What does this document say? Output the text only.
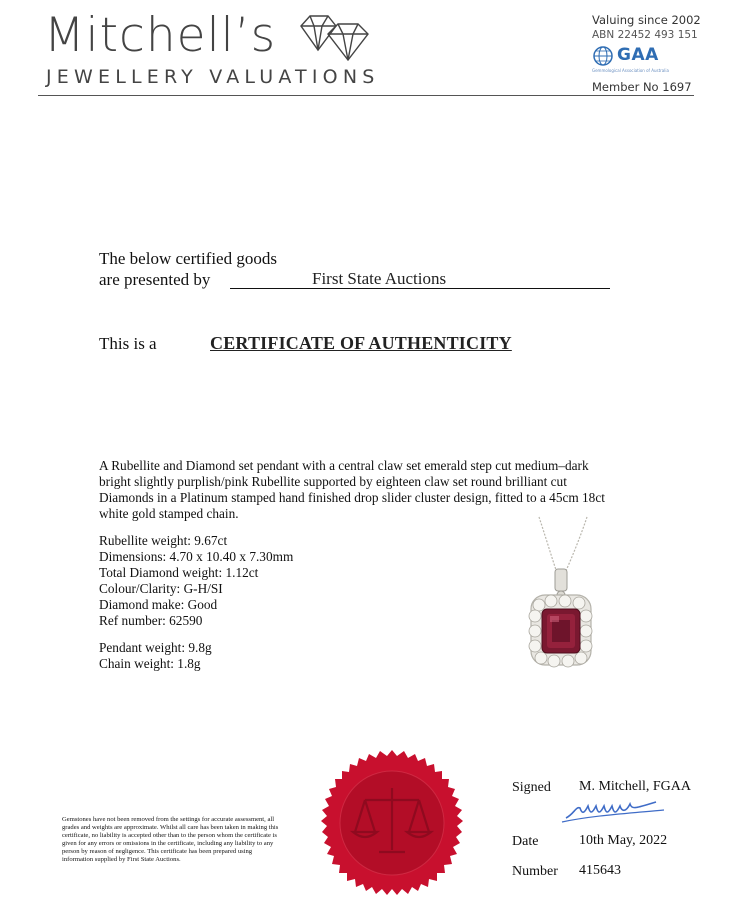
Mitchell’s
JEWELLERY VALUATIONS
Valuing since 2002
ABN 22452 493 151
GAA
Gemmological Association of Australia
Member No 1697
The below certified goods
are presented by	First State Auctions
This is a	CERTIFICATE OF AUTHENTICITY
A Rubellite and Diamond set pendant with a central claw set emerald step cut medium–dark bright slightly purplish/pink Rubellite supported by eighteen claw set round brilliant cut Diamonds in a Platinum stamped hand finished drop slider cluster design, fitted to a 45cm 18ct white gold stamped chain.
Rubellite weight: 9.67ct
Dimensions: 4.70 x 10.40 x 7.30mm
Total Diamond weight: 1.12ct
Colour/Clarity: G-H/SI
Diamond make: Good
Ref number: 62590
Pendant weight: 9.8g
Chain weight: 1.8g
Gemstones have not been removed from the settings for accurate assessment, all grades and weights are approximate. Whilst all care has been taken in making this certificate, no liability is accepted other than to the person whom the certificate is given for any errors or omissions in the certificate, including any liability to any person by reason of negligence. This certificate has been prepared using information supplied by First State Auctions.
Signed M. Mitchell, FGAA
Date	10th May, 2022
Number 415643
